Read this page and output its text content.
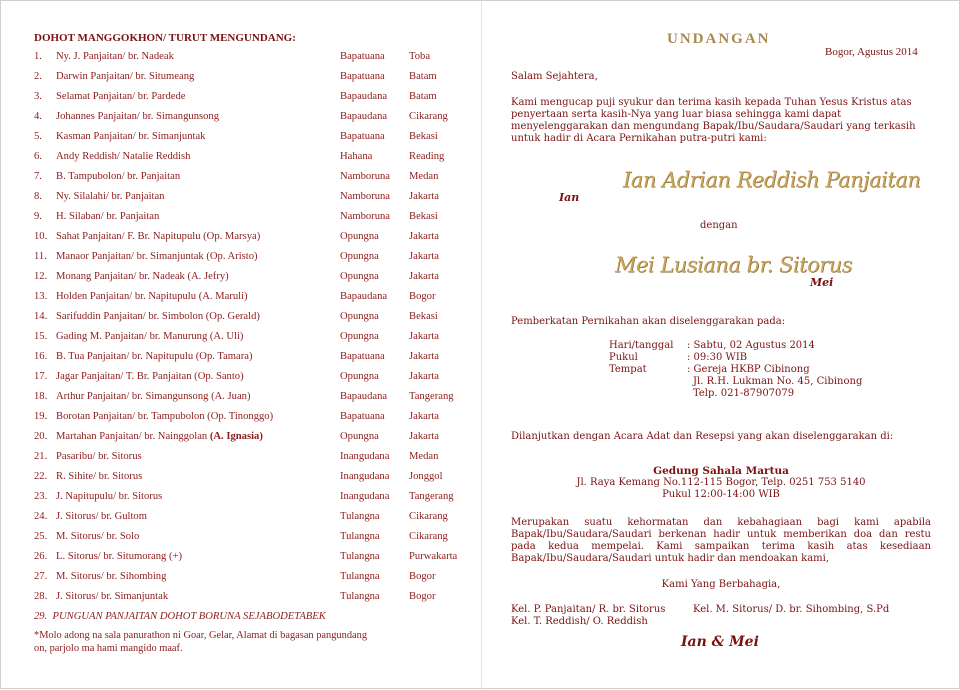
DOHOT MANGGOKHON/ TURUT MENGUNDANG:
1. Ny. J. Panjaitan/ br. Nadeak	Bapatuana Toba
2. Darwin Panjaitan/ br. Situmeang	Bapatuana Batam
3. Selamat Panjaitan/ br. Pardede	Bapaudana Batam
4. Johannes Panjaitan/ br. Simangunsong	Bapaudana Cikarang
5. Kasman Panjaitan/ br. Simanjuntak	Bapatuana Bekasi
6. Andy Reddish/ Natalie Reddish	Hahana	Reading
7. B. Tampubolon/ br. Panjaitan	Namboruna Medan
8. Ny. Silalahi/ br. Panjaitan	Namboruna Jakarta
9. H. Silaban/ br. Panjaitan	Namboruna Bekasi
10. Sahat Panjaitan/ F. Br. Napitupulu (Op. Marsya)	Opungna	Jakarta
11. Manaor Panjaitan/ br. Simanjuntak (Op. Aristo)	Opungna	Jakarta
12. Monang Panjaitan/ br. Nadeak (A. Jefry)	Opungna	Jakarta
13. Holden Panjaitan/ br. Napitupulu (A. Maruli)	Bapaudana Bogor
14. Sarifuddin Panjaitan/ br. Simbolon (Op. Gerald)	Opungna	Bekasi
15. Gading M. Panjaitan/ br. Manurung (A. Uli)	Opungna	Jakarta
16. B. Tua Panjaitan/ br. Napitupulu (Op. Tamara)	Bapatuana Jakarta
17. Jagar Panjaitan/ T. Br. Panjaitan (Op. Santo)	Opungna	Jakarta
18. Arthur Panjaitan/ br. Simangunsong (A. Juan)	Bapaudana Tangerang
19. Borotan Panjaitan/ br. Tampubolon (Op. Tinonggo)	Bapatuana Jakarta
20. Martahan Panjaitan/ br. Nainggolan (A. Ignasia)	Opungna	Jakarta
21. Pasaribu/ br. Sitorus	Inangudana Medan
22. R. Sihite/ br. Sitorus	Inangudana Jonggol
23. J. Napitupulu/ br. Sitorus	Inangudana Tangerang
24. J. Sitorus/ br. Gultom	Tulangna	Cikarang
25. M. Sitorus/ br. Solo	Tulangna	Cikarang
26. L. Sitorus/ br. Situmorang (+)	Tulangna	Purwakarta
27. M. Sitorus/ br. Sihombing	Tulangna	Bogor
28. J. Sitorus/ br. Simanjuntak	Tulangna	Bogor
29. PUNGUAN PANJAITAN DOHOT BORUNA SEJABODETABEK
*Molo adong na sala panurathon ni Goar, Gelar, Alamat di bagasan pangundang on, parjolo ma hami mangido maaf.
UNDANGAN
Bogor, Agustus 2014
Salam Sejahtera,
Kami mengucap puji syukur dan terima kasih kepada Tuhan Yesus Kristus atas penyertaan serta kasih-Nya yang luar biasa sehingga kami dapat menyelenggarakan dan mengundang Bapak/Ibu/Saudara/Saudari yang terkasih untuk hadir di Acara Pernikahan putra-putri kami:
Ian Adrian Reddish Panjaitan
Ian
dengan
Mei Lusiana br. Sitorus
Mei
Pemberkatan Pernikahan akan diselenggarakan pada:
Hari/tanggal : Sabtu, 02 Agustus 2014
Pukul	: 09:30 WIB
Tempat	: Gereja HKBP Cibinong
Jl. R.H. Lukman No. 45, Cibinong
Telp. 021-87907079
Dilanjutkan dengan Acara Adat dan Resepsi yang akan diselenggarakan di:
Gedung Sahala Martua
Jl. Raya Kemang No.112-115 Bogor, Telp. 0251 753 5140
Pukul 12:00-14:00 WIB
Merupakan suatu kehormatan dan kebahagiaan bagi kami apabila Bapak/Ibu/Saudara/Saudari berkenan hadir untuk memberikan doa dan restu pada kedua mempelai. Kami sampaikan terima kasih atas kesediaan Bapak/Ibu/Saudara/Saudari untuk hadir dan mendoakan kami,
Kami Yang Berbahagia,
Kel. P. Panjaitan/ R. br. Sitorus	Kel. M. Sitorus/ D. br. Sihombing, S.Pd
Kel. T. Reddish/ O. Reddish
Ian & Mei
